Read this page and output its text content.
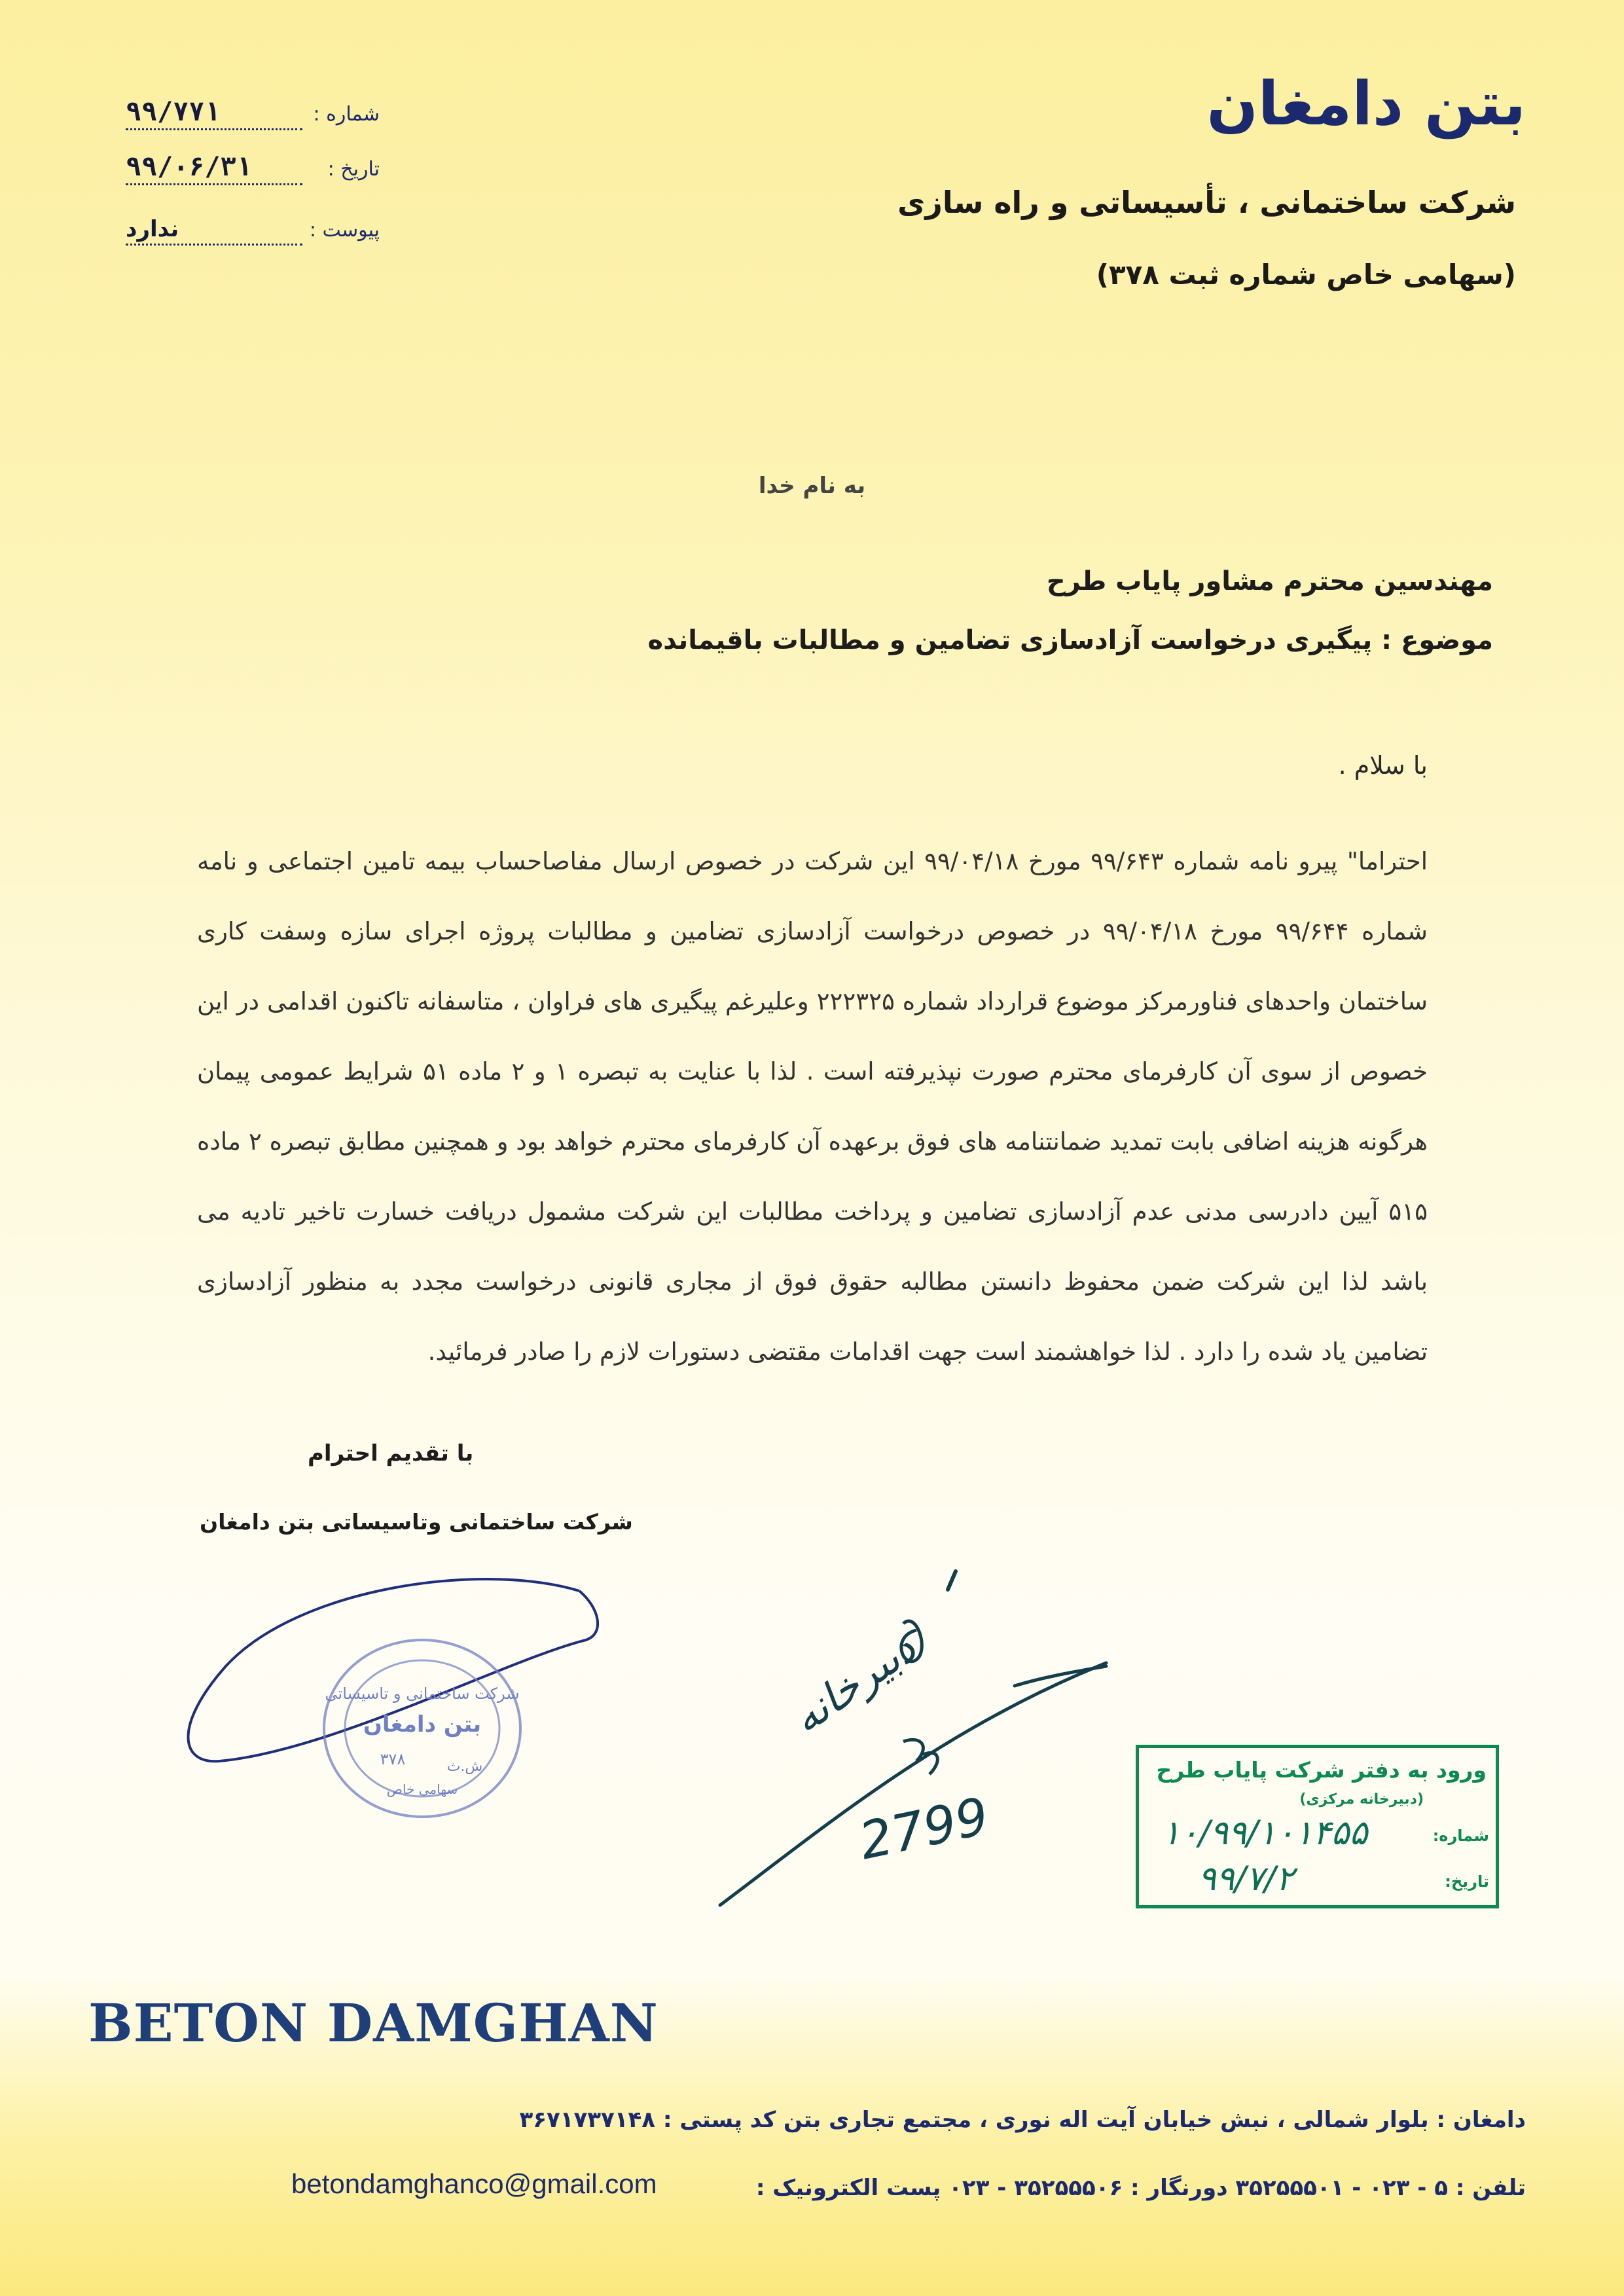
بتن دامغان
شرکت ساختمانی ، تأسیساتی و راه سازی
(سهامی خاص شماره ثبت ۳۷۸)
شماره :۹۹/۷۷۱
تاریخ :۹۹/۰۶/۳۱
پیوست :ندارد
به نام خدا
مهندسین محترم مشاور پایاب طرح
موضوع : پیگیری درخواست آزادسازی تضامین و مطالبات باقیمانده
با سلام .
احتراما" پیرو نامه شماره ۹۹/۶۴۳ مورخ ۹۹/۰۴/۱۸ این شرکت در خصوص ارسال مفاصاحساب بیمه تامین اجتماعی و نامه شماره ۹۹/۶۴۴ مورخ ۹۹/۰۴/۱۸ در خصوص درخواست آزادسازی تضامین و مطالبات پروژه اجرای سازه وسفت کاری ساختمان واحدهای فناورمرکز موضوع قرارداد شماره ۲۲۲۳۲۵ وعلیرغم پیگیری های فراوان ، متاسفانه تاکنون اقدامی در این خصوص از سوی آن کارفرمای محترم صورت نپذیرفته است . لذا با عنایت به تبصره ۱ و ۲ ماده ۵۱ شرایط عمومی پیمان هرگونه هزینه اضافی بابت تمدید ضمانتنامه های فوق برعهده آن کارفرمای محترم خواهد بود و همچنین مطابق تبصره ۲ ماده ۵۱۵ آیین دادرسی مدنی عدم آزادسازی تضامین و پرداخت مطالبات این شرکت مشمول دریافت خسارت تاخیر تادیه می باشد لذا این شرکت ضمن محفوظ دانستن مطالبه حقوق فوق از مجاری قانونی درخواست مجدد به منظور آزادسازی تضامین یاد شده را دارد . لذا خواهشمند است جهت اقدامات مقتضی دستورات لازم را صادر فرمائید.
با تقدیم احترام
شرکت ساختمانی وتاسیساتی بتن دامغان
شرکت ساختمانی و تاسیساتی
بتن دامغان
۳۷۸	ش.ث
سهامی خاص
دبیرخانه
2799
ورود به دفتر شرکت پایاب طرح
(دبیرخانه مرکزی)
شماره:
۱۰/۹۹/۱۰۱۴۵۵
تاریخ:
۹۹/۷/۲
BETON DAMGHAN
دامغان : بلوار شمالی ، نبش خیابان آیت اله نوری ، مجتمع تجاری بتن کد پستی : ۳۶۷۱۷۳۷۱۴۸
تلفن : ۵ - ۰۲۳ - ۳۵۲۵۵۵۰۱ دورنگار : ۳۵۲۵۵۵۰۶ - ۰۲۳ پست الکترونیک :
betondamghanco@gmail.com
